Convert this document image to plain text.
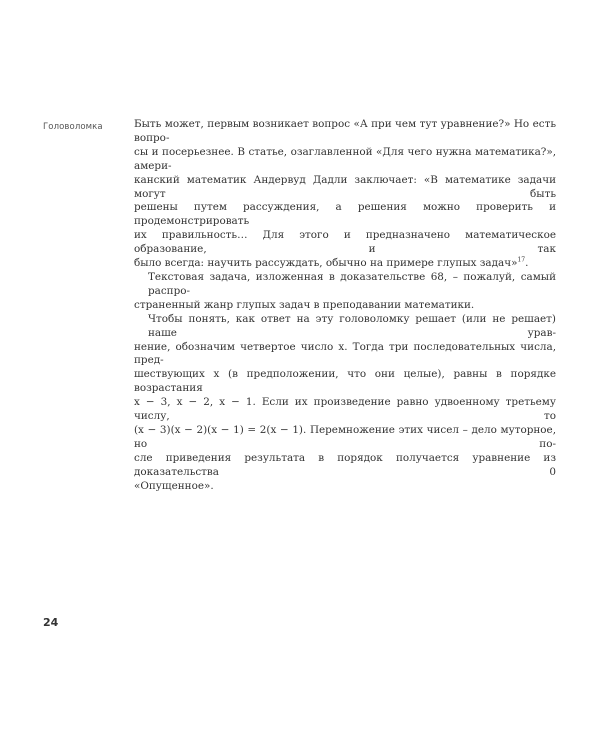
Головоломка	Быть может, первым возникает вопрос «А при чем тут уравнение?» Но есть вопро-
сы и посерьезнее. В статье, озаглавленной «Для чего нужна математика?», амери-
канский математик Андервуд Дадли заключает: «В математике задачи могут быть
решены путем рассуждения, а решения можно проверить и продемонстрировать
их правильность… Для этого и предназначено математическое образование, и так
было всегда: научить рассуждать, обычно на примере глупых задач»$^{17}$.

Текстовая задача, изложенная в доказательстве 68, – пожалуй, самый распро-
страненный жанр глупых задач в преподавании математики.

Чтобы понять, как ответ на эту головоломку решает (или не решает) наше урав-
нение, обозначим четвертое число x. Тогда три последовательных числа, пред-
шествующих x (в предположении, что они целые), равны в порядке возрастания
x − 3, x − 2, x − 1. Если их произведение равно удвоенному третьему числу, то
(x − 3)(x − 2)(x − 1) = 2(x − 1). Перемножение этих чисел – дело муторное, но по-
сле приведения результата в порядок получается уравнение из доказательства 0
«Опущенное».

24
